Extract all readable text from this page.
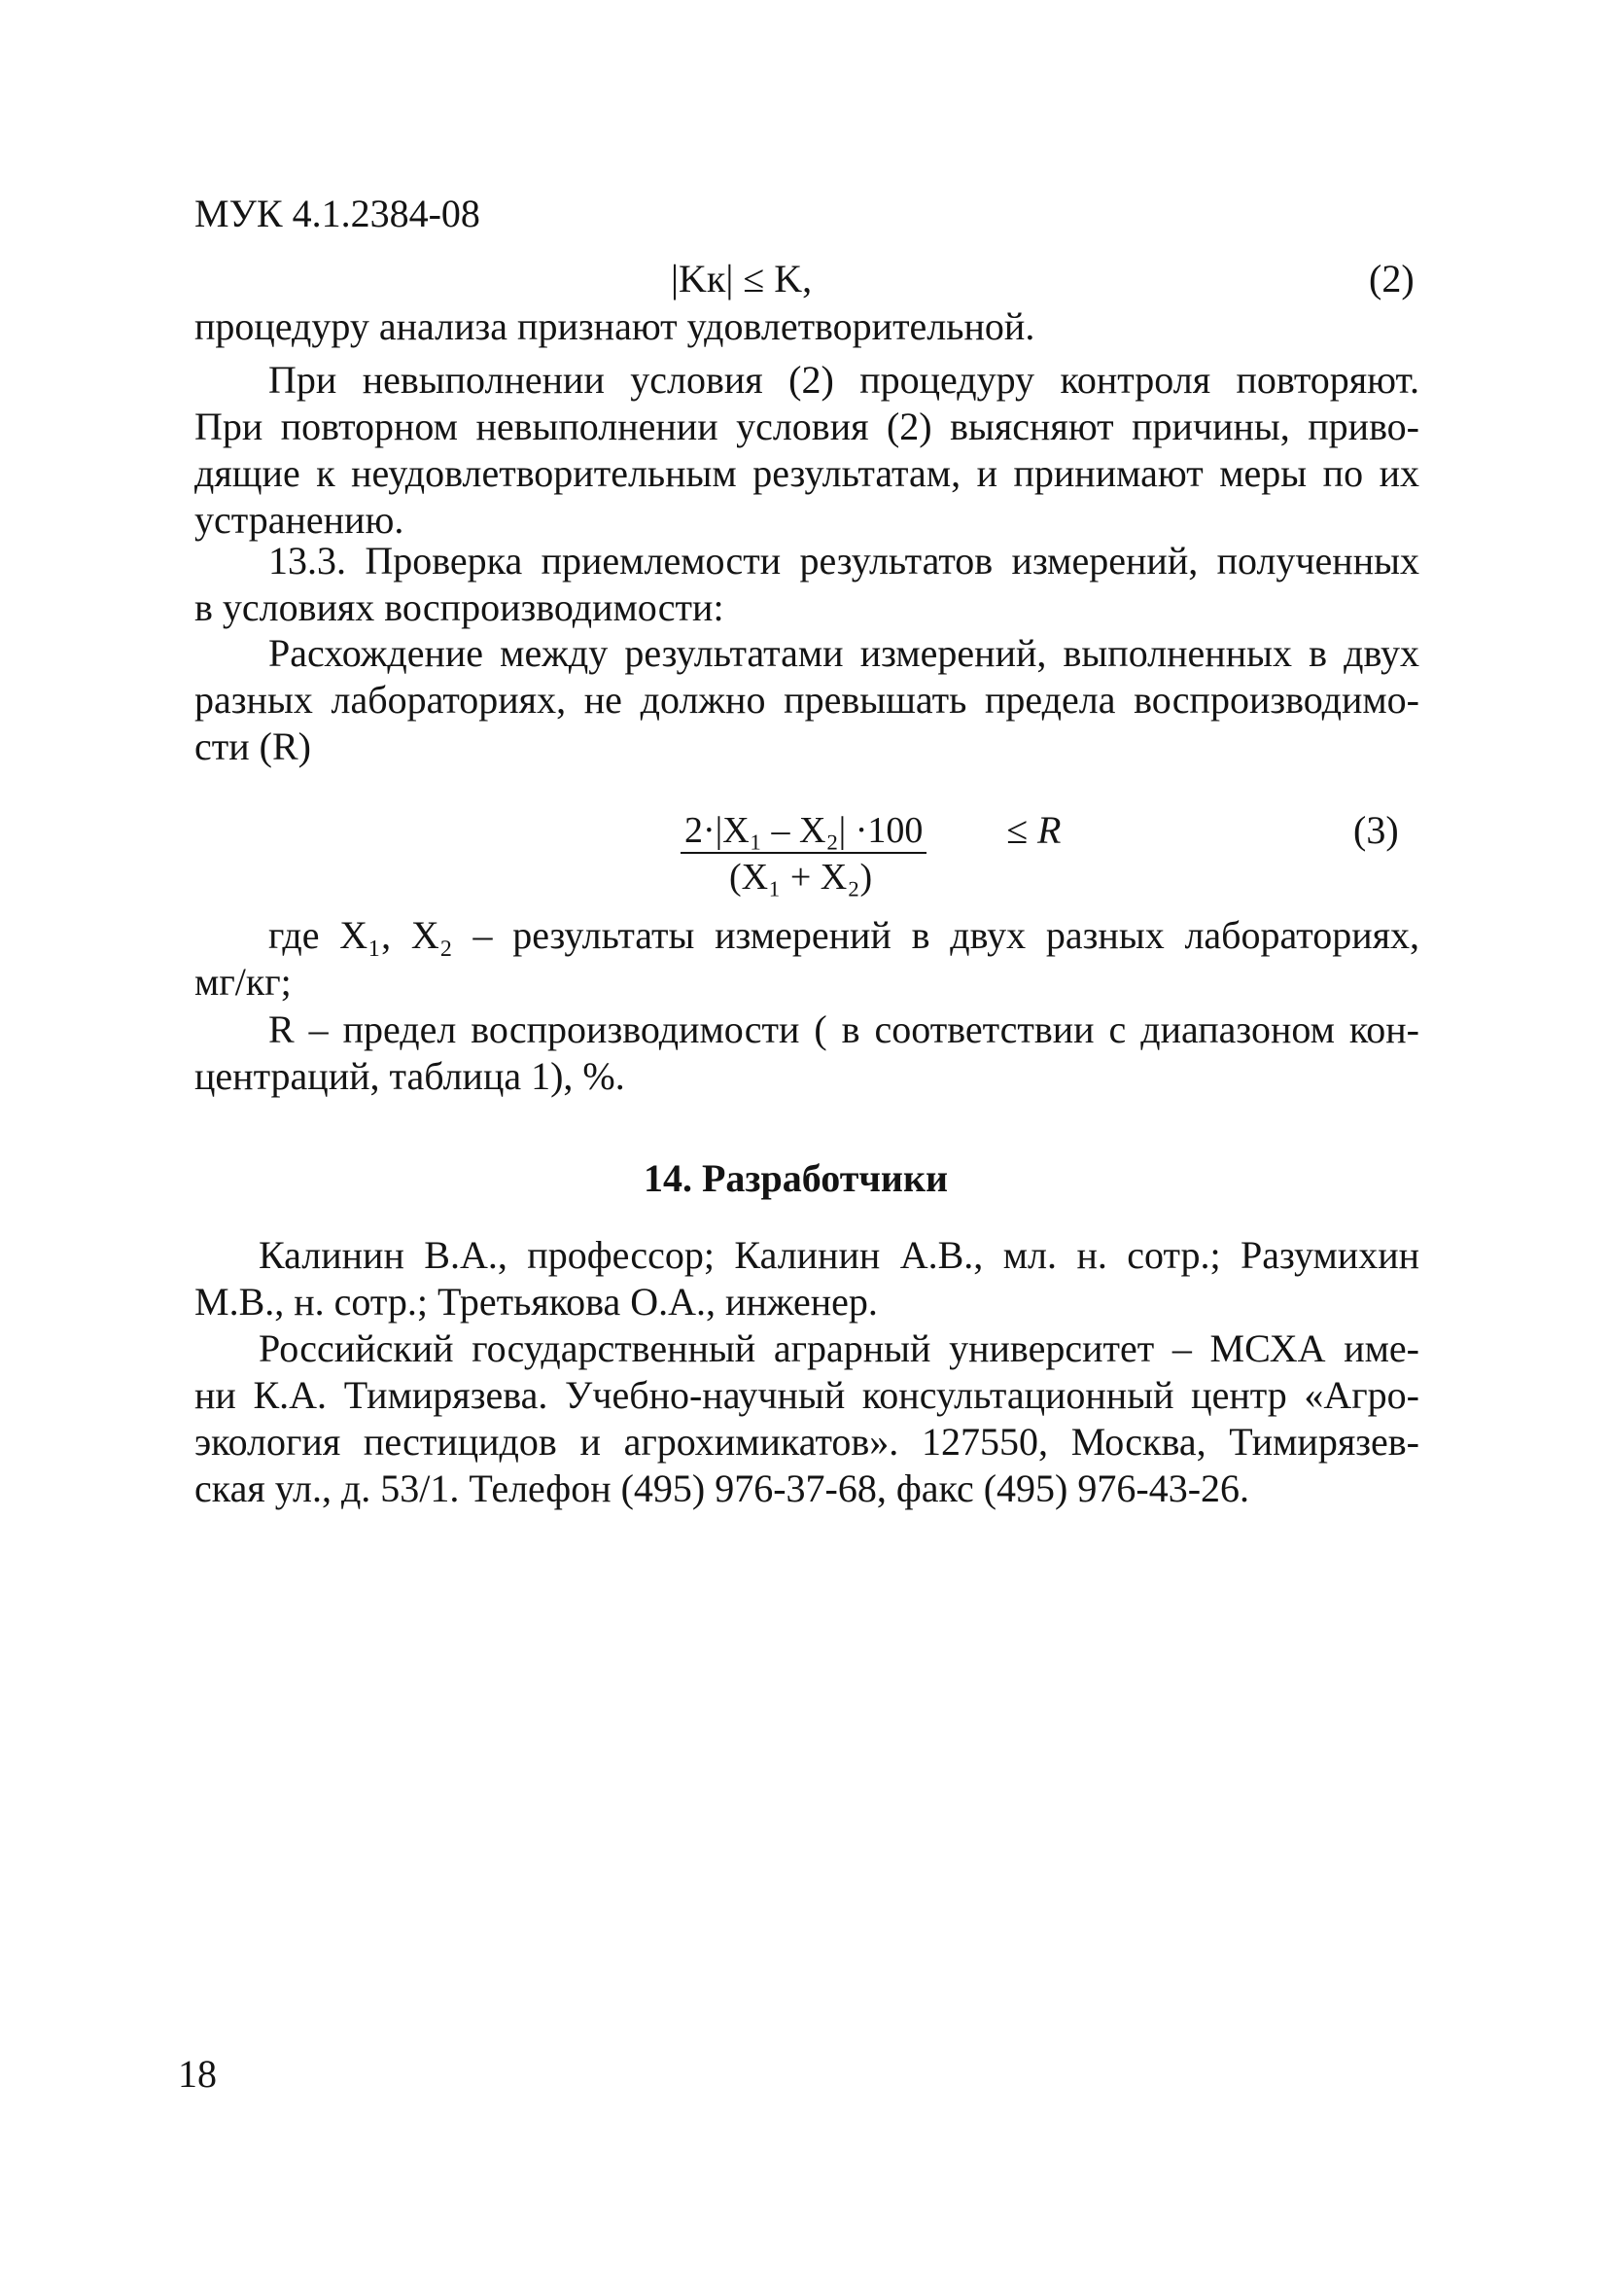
МУК 4.1.2384-08
|Kк| ≤ K,	(2)
процедуру анализа признают удовлетворительной.
При невыполнении условия (2) процедуру контроля повторяют.
При повторном невыполнении условия (2) выясняют причины, приво-
дящие к неудовлетворительным результатам, и принимают меры по их
устранению.
13.3. Проверка приемлемости результатов измерений, полученных
в условиях воспроизводимости:
Расхождение между результатами измерений, выполненных в двух
разных лабораториях, не должно превышать предела воспроизводимо-
сти (R)
2·|X₁ – X₂| ·100
(X₁ + X₂)
≤ R	(3)
где X₁, X₂ – результаты измерений в двух разных лабораториях,
мг/кг;
R – предел воспроизводимости ( в соответствии с диапазоном кон-
центраций, таблица 1), %.
14. Разработчики
Калинин В.А., профессор; Калинин А.В., мл. н. сотр.; Разумихин
М.В., н. сотр.; Третьякова О.А., инженер.
Российский государственный аграрный университет – МСХА име-
ни К.А. Тимирязева. Учебно-научный консультационный центр «Агро-
экология пестицидов и агрохимикатов». 127550, Москва, Тимирязев-
ская ул., д. 53/1. Телефон (495) 976-37-68, факс (495) 976-43-26.
18
